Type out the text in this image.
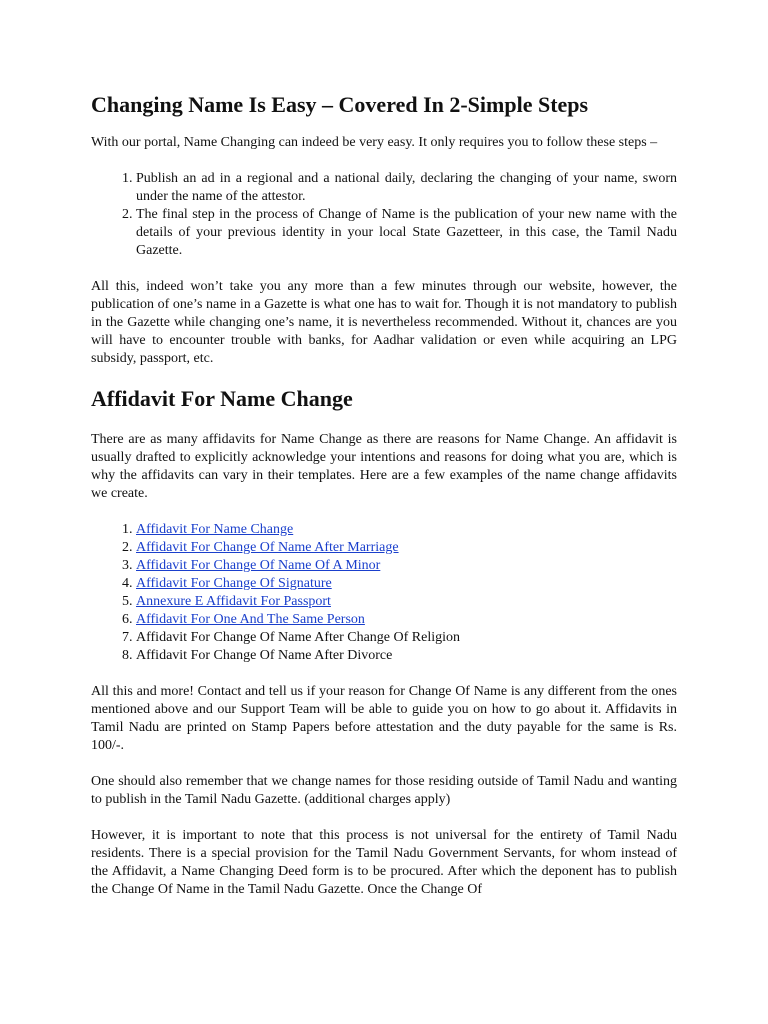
Changing Name Is Easy – Covered In 2-Simple Steps

With our portal, Name Changing can indeed be very easy. It only requires you to follow these steps –

1. Publish an ad in a regional and a national daily, declaring the changing of your name, sworn under the name of the attestor.
2. The final step in the process of Change of Name is the publication of your new name with the details of your previous identity in your local State Gazetteer, in this case, the Tamil Nadu Gazette.

All this, indeed won’t take you any more than a few minutes through our website, however, the publication of one’s name in a Gazette is what one has to wait for. Though it is not mandatory to publish in the Gazette while changing one’s name, it is nevertheless recommended. Without it, chances are you will have to encounter trouble with banks, for Aadhar validation or even while acquiring an LPG subsidy, passport, etc.

Affidavit For Name Change

There are as many affidavits for Name Change as there are reasons for Name Change. An affidavit is usually drafted to explicitly acknowledge your intentions and reasons for doing what you are, which is why the affidavits can vary in their templates. Here are a few examples of the name change affidavits we create.

1. Affidavit For Name Change
2. Affidavit For Change Of Name After Marriage
3. Affidavit For Change Of Name Of A Minor
4. Affidavit For Change Of Signature
5. Annexure E Affidavit For Passport
6. Affidavit For One And The Same Person
7. Affidavit For Change Of Name After Change Of Religion
8. Affidavit For Change Of Name After Divorce

All this and more! Contact and tell us if your reason for Change Of Name is any different from the ones mentioned above and our Support Team will be able to guide you on how to go about it. Affidavits in Tamil Nadu are printed on Stamp Papers before attestation and the duty payable for the same is Rs. 100/-.

One should also remember that we change names for those residing outside of Tamil Nadu and wanting to publish in the Tamil Nadu Gazette. (additional charges apply)

However, it is important to note that this process is not universal for the entirety of Tamil Nadu residents. There is a special provision for the Tamil Nadu Government Servants, for whom instead of the Affidavit, a Name Changing Deed form is to be procured. After which the deponent has to publish the Change Of Name in the Tamil Nadu Gazette. Once the Change Of
